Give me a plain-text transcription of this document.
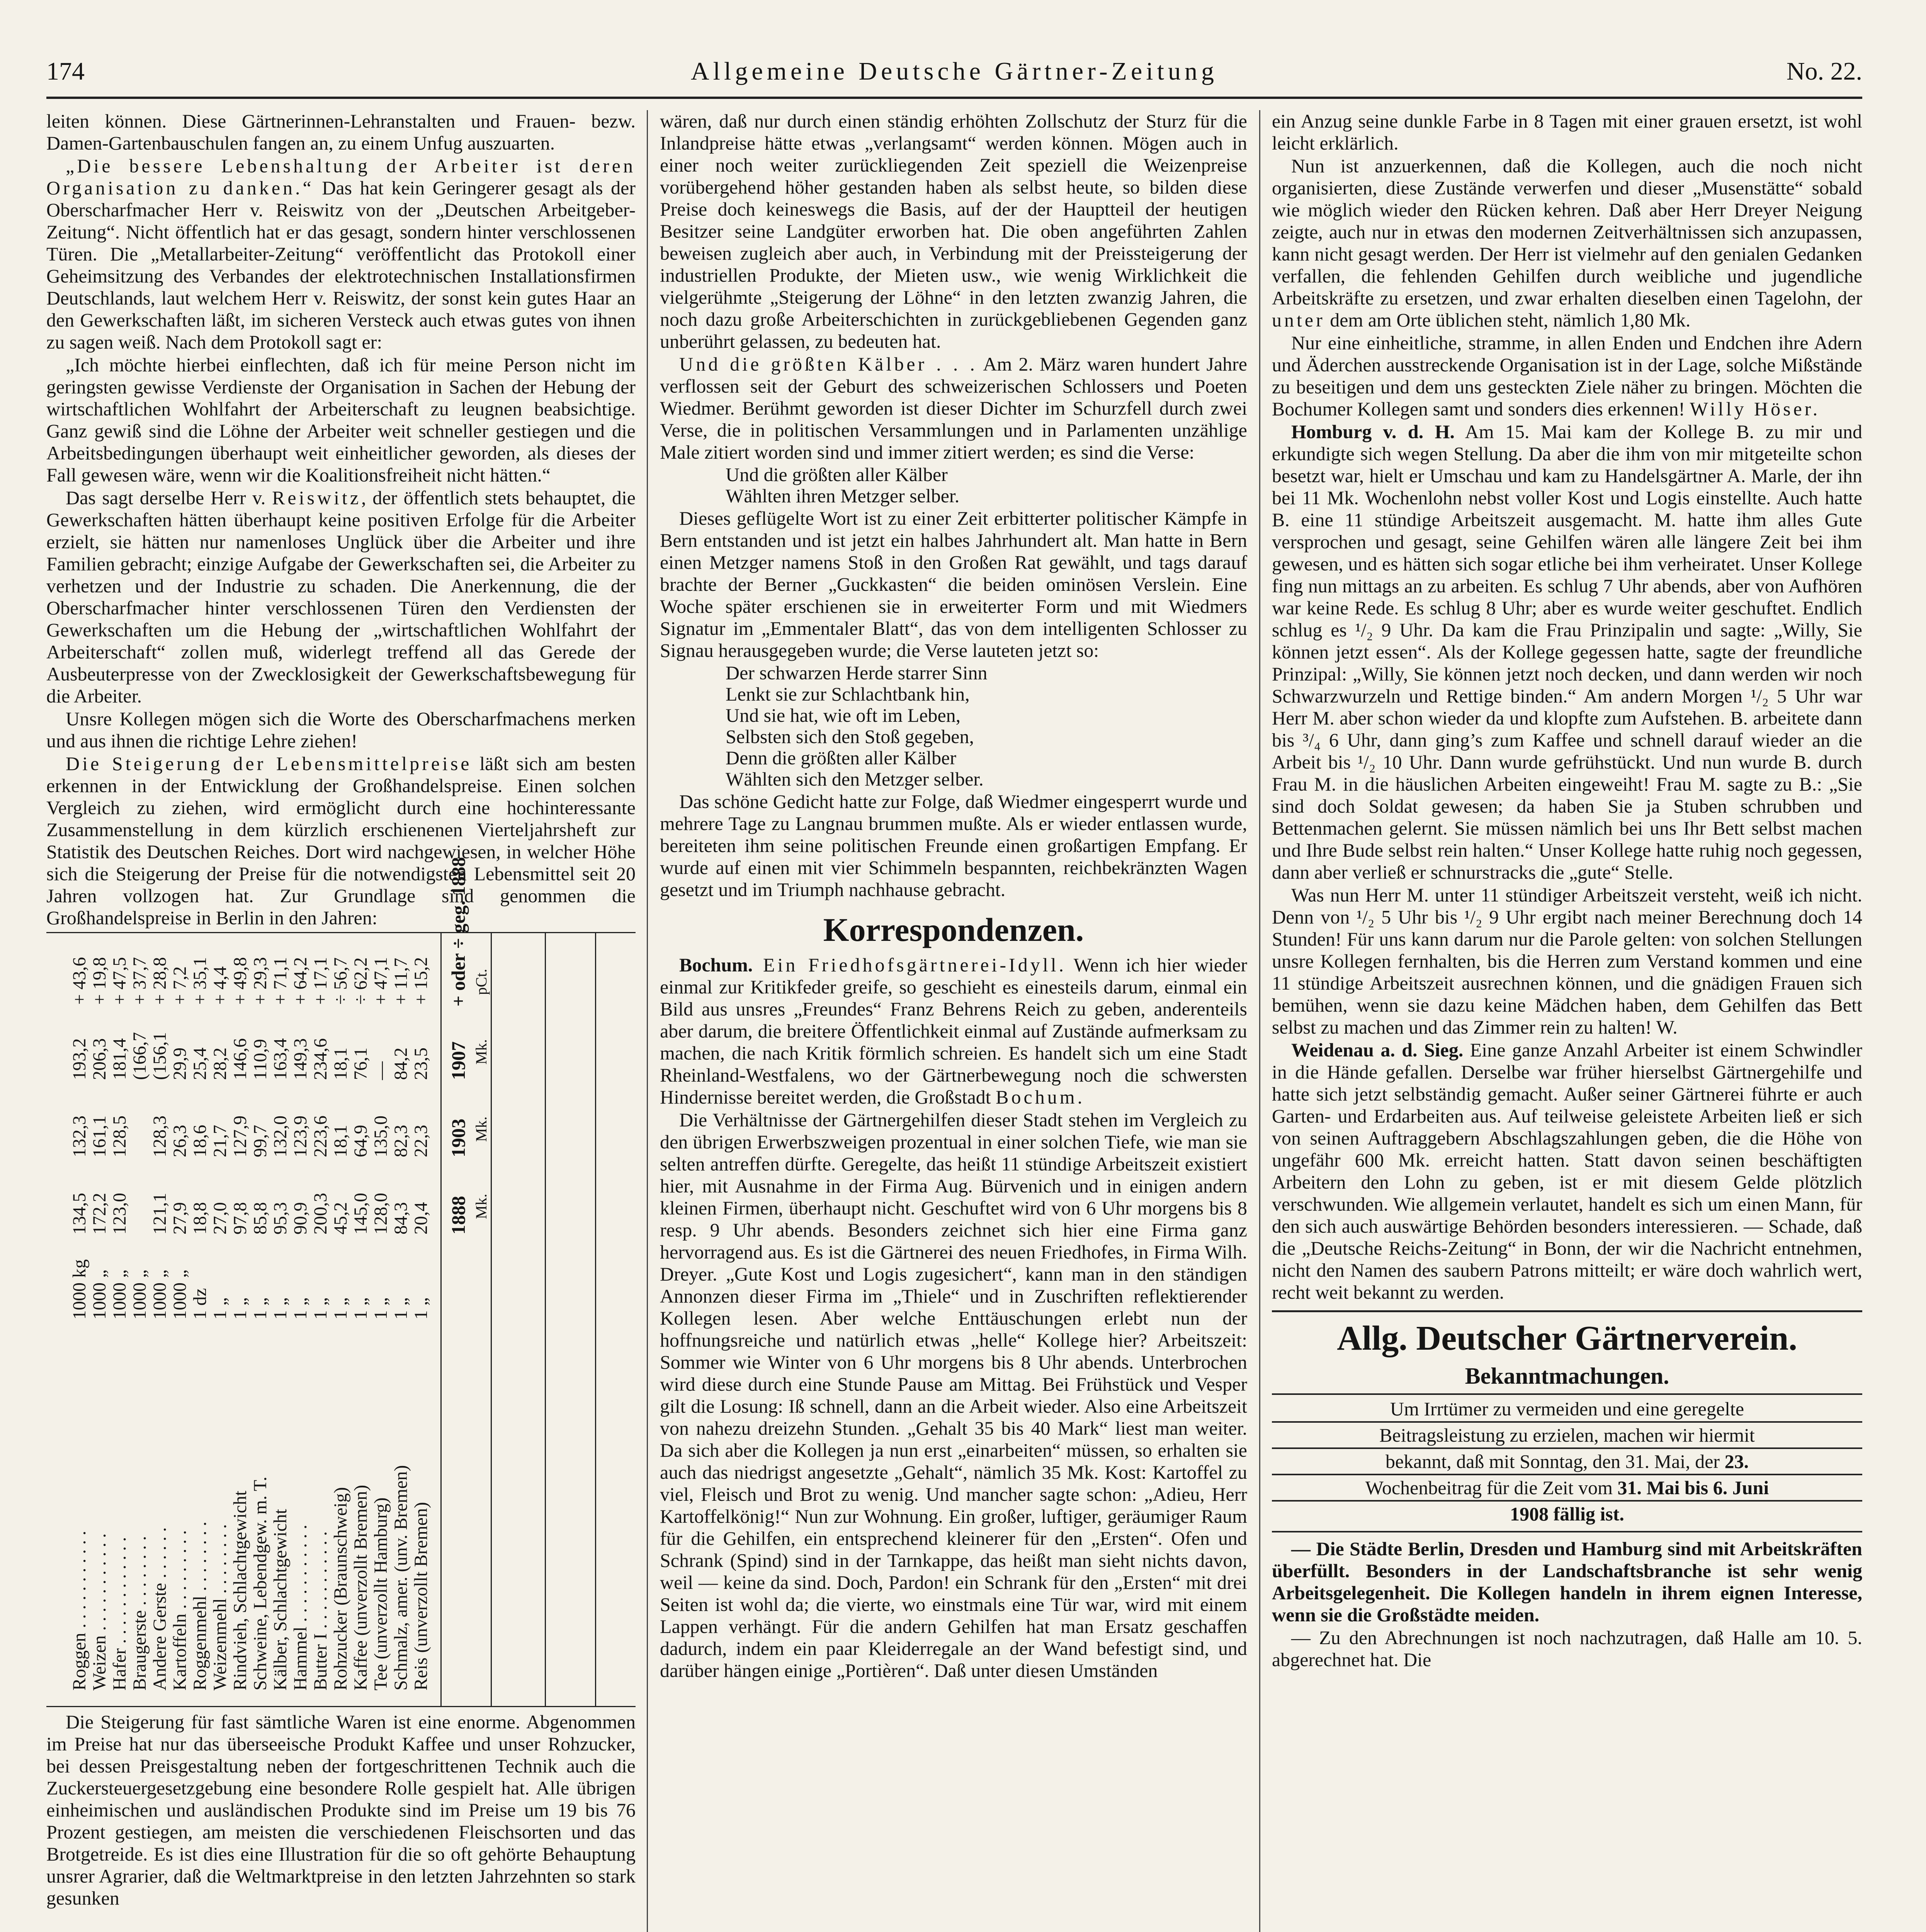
174	Allgemeine Deutsche Gärtner-Zeitung	No. 22.

leiten können. Diese Gärtnerinnen-Lehranstalten und Frauen- bezw. Damen-Gartenbauschulen fangen an, zu einem Unfug auszuarten.

„Die bessere Lebenshaltung der Arbeiter ist deren Organisation zu danken.“ Das hat kein Geringerer gesagt als der Oberscharfmacher Herr v. Reiswitz von der „Deutschen Arbeitgeber-Zeitung“. Nicht öffentlich hat er das gesagt, sondern hinter verschlossenen Türen. Die „Metallarbeiter-Zeitung“ veröffentlicht das Protokoll einer Geheimsitzung des Verbandes der elektrotechnischen Installationsfirmen Deutschlands, laut welchem Herr v. Reiswitz, der sonst kein gutes Haar an den Gewerkschaften läßt, im sicheren Versteck auch etwas gutes von ihnen zu sagen weiß. Nach dem Protokoll sagt er:

„Ich möchte hierbei einflechten, daß ich für meine Person nicht im geringsten gewisse Verdienste der Organisation in Sachen der Hebung der wirtschaftlichen Wohlfahrt der Arbeiterschaft zu leugnen beabsichtige. Ganz gewiß sind die Löhne der Arbeiter weit schneller gestiegen und die Arbeitsbedingungen überhaupt weit einheitlicher geworden, als dieses der Fall gewesen wäre, wenn wir die Koalitionsfreiheit nicht hätten.“

Das sagt derselbe Herr v. Reiswitz, der öffentlich stets behauptet, die Gewerkschaften hätten überhaupt keine positiven Erfolge für die Arbeiter erzielt, sie hätten nur namenloses Unglück über die Arbeiter und ihre Familien gebracht; einzige Aufgabe der Gewerkschaften sei, die Arbeiter zu verhetzen und der Industrie zu schaden. Die Anerkennung, die der Oberscharfmacher hinter verschlossenen Türen den Verdiensten der Gewerkschaften um die Hebung der „wirtschaftlichen Wohlfahrt der Arbeiterschaft“ zollen muß, widerlegt treffend all das Gerede der Ausbeuterpresse von der Zwecklosigkeit der Gewerkschaftsbewegung für die Arbeiter.

Unsre Kollegen mögen sich die Worte des Oberscharfmachens merken und aus ihnen die richtige Lehre ziehen!

Die Steigerung der Lebensmittelpreise läßt sich am besten erkennen in der Entwicklung der Großhandelspreise. Einen solchen Vergleich zu ziehen, wird ermöglicht durch eine hochinteressante Zusammenstellung in dem kürzlich erschienenen Vierteljahrsheft zur Statistik des Deutschen Reiches. Dort wird nachgewiesen, in welcher Höhe sich die Steigerung der Preise für die notwendigsten Lebensmittel seit 20 Jahren vollzogen hat. Zur Grundlage sind genommen die Großhandelspreise in Berlin in den Jahren:

Roggen . . . . . . . . . . .
1000 kg
134,5
132,3
193,2
+ 43,6
Weizen . . . . . . . . . . .
1000 „
172,2
161,1
206,3
+ 19,8
Hafer . . . . . . . . . . . .
1000 „
123,0
128,5
181,4
+ 47,5
Braugerste . . . . . . . .
1000 „
(166,7
+ 37,7
Andere Gerste . . . . . .
1000 „
121,1
128,3
(156,1
+ 28,8
Kartoffeln . . . . . . . . .
1000 „
27,9
26,3
29,9
+ 7,2
Roggenmehl . . . . . . . .
1 dz
18,8
18,6
25,4
+ 35,1
Weizenmehl . . . . . . . .
1 „
27,0
21,7
28,2
+ 4,4
Rindvieh, Schlachtgewicht
1 „
97,8
127,9
146,6
+ 49,8
Schweine, Lebendgew. m. T.
1 „
85,8
99,7
110,9
+ 29,3
Kälber, Schlachtgewicht
1 „
95,3
132,0
163,4
+ 71,1
Hammel . . . . . . . . . . .
1 „
90,9
123,9
149,3
+ 64,2
Butter I . . . . . . . . . . .
1 „
200,3
223,6
234,6
+ 17,1
Rohzucker (Braunschweig)
1 „
45,2
18,1
18,1
÷ 56,7
Kaffee (unverzollt Bremen)
1 „
145,0
64,9
76,1
÷ 62,2
Tee (unverzollt Hamburg)
1 „
128,0
135,0
—
+ 47,1
Schmalz, amer. (unv. Bremen)
1 „
84,3
82,3
84,2
+ 11,7
Reis (unverzollt Bremen)
1 „
20,4
22,3
23,5
+ 15,2
1888
1903
1907
+ oder ÷ geg. 1888
Mk.
Mk.
Mk.
pCt.

Die Steigerung für fast sämtliche Waren ist eine enorme. Abgenommen im Preise hat nur das überseeische Produkt Kaffee und unser Rohzucker, bei dessen Preisgestaltung neben der fortgeschrittenen Technik auch die Zuckersteuergesetzgebung eine besondere Rolle gespielt hat. Alle übrigen einheimischen und ausländischen Produkte sind im Preise um 19 bis 76 Prozent gestiegen, am meisten die verschiedenen Fleischsorten und das Brotgetreide. Es ist dies eine Illustration für die so oft gehörte Behauptung unsrer Agrarier, daß die Weltmarktpreise in den letzten Jahrzehnten so stark gesunken

wären, daß nur durch einen ständig erhöhten Zollschutz der Sturz für die Inlandpreise hätte etwas „verlangsamt“ werden können. Mögen auch in einer noch weiter zurückliegenden Zeit speziell die Weizenpreise vorübergehend höher gestanden haben als selbst heute, so bilden diese Preise doch keineswegs die Basis, auf der der Hauptteil der heutigen Besitzer seine Landgüter erworben hat. Die oben angeführten Zahlen beweisen zugleich aber auch, in Verbindung mit der Preissteigerung der industriellen Produkte, der Mieten usw., wie wenig Wirklichkeit die vielgerühmte „Steigerung der Löhne“ in den letzten zwanzig Jahren, die noch dazu große Arbeiterschichten in zurückgebliebenen Gegenden ganz unberührt gelassen, zu bedeuten hat.

Und die größten Kälber . . . Am 2. März waren hundert Jahre verflossen seit der Geburt des schweizerischen Schlossers und Poeten Wiedmer. Berühmt geworden ist dieser Dichter im Schurzfell durch zwei Verse, die in politischen Versammlungen und in Parlamenten unzählige Male zitiert worden sind und immer zitiert werden; es sind die Verse:

Und die größten aller Kälber
Wählten ihren Metzger selber.

Dieses geflügelte Wort ist zu einer Zeit erbitterter politischer Kämpfe in Bern entstanden und ist jetzt ein halbes Jahrhundert alt. Man hatte in Bern einen Metzger namens Stoß in den Großen Rat gewählt, und tags darauf brachte der Berner „Guckkasten“ die beiden ominösen Verslein. Eine Woche später erschienen sie in erweiterter Form und mit Wiedmers Signatur im „Emmentaler Blatt“, das von dem intelligenten Schlosser zu Signau herausgegeben wurde; die Verse lauteten jetzt so:

Der schwarzen Herde starrer Sinn
Lenkt sie zur Schlachtbank hin,
Und sie hat, wie oft im Leben,
Selbsten sich den Stoß gegeben,
Denn die größten aller Kälber
Wählten sich den Metzger selber.

Das schöne Gedicht hatte zur Folge, daß Wiedmer eingesperrt wurde und mehrere Tage zu Langnau brummen mußte. Als er wieder entlassen wurde, bereiteten ihm seine politischen Freunde einen großartigen Empfang. Er wurde auf einen mit vier Schimmeln bespannten, reichbekränzten Wagen gesetzt und im Triumph nachhause gebracht.

Korrespondenzen.

Bochum. Ein Friedhofsgärtnerei-Idyll. Wenn ich hier wieder einmal zur Kritikfeder greife, so geschieht es einesteils darum, einmal ein Bild aus unsres „Freundes“ Franz Behrens Reich zu geben, anderenteils aber darum, die breitere Öffentlichkeit einmal auf Zustände aufmerksam zu machen, die nach Kritik förmlich schreien. Es handelt sich um eine Stadt Rheinland-Westfalens, wo der Gärtnerbewegung noch die schwersten Hindernisse bereitet werden, die Großstadt Bochum.

Die Verhältnisse der Gärtnergehilfen dieser Stadt stehen im Vergleich zu den übrigen Erwerbszweigen prozentual in einer solchen Tiefe, wie man sie selten antreffen dürfte. Geregelte, das heißt 11 stündige Arbeitszeit existiert hier, mit Ausnahme in der Firma Aug. Bürvenich und in einigen andern kleinen Firmen, überhaupt nicht. Geschuftet wird von 6 Uhr morgens bis 8 resp. 9 Uhr abends. Besonders zeichnet sich hier eine Firma ganz hervorragend aus. Es ist die Gärtnerei des neuen Friedhofes, in Firma Wilh. Dreyer. „Gute Kost und Logis zugesichert“, kann man in den ständigen Annonzen dieser Firma im „Thiele“ und in Zuschriften reflektierender Kollegen lesen. Aber welche Enttäuschungen erlebt nun der hoffnungsreiche und natürlich etwas „helle“ Kollege hier? Arbeitszeit: Sommer wie Winter von 6 Uhr morgens bis 8 Uhr abends. Unterbrochen wird diese durch eine Stunde Pause am Mittag. Bei Frühstück und Vesper gilt die Losung: Iß schnell, dann an die Arbeit wieder. Also eine Arbeitszeit von nahezu dreizehn Stunden. „Gehalt 35 bis 40 Mark“ liest man weiter. Da sich aber die Kollegen ja nun erst „einarbeiten“ müssen, so erhalten sie auch das niedrigst angesetzte „Gehalt“, nämlich 35 Mk. Kost: Kartoffel zu viel, Fleisch und Brot zu wenig. Und mancher sagte schon: „Adieu, Herr Kartoffelkönig!“ Nun zur Wohnung. Ein großer, luftiger, geräumiger Raum für die Gehilfen, ein entsprechend kleinerer für den „Ersten“. Ofen und Schrank (Spind) sind in der Tarnkappe, das heißt man sieht nichts davon, weil — keine da sind. Doch, Pardon! ein Schrank für den „Ersten“ mit drei Seiten ist wohl da; die vierte, wo einstmals eine Tür war, wird mit einem Lappen verhängt. Für die andern Gehilfen hat man Ersatz geschaffen dadurch, indem ein paar Kleiderregale an der Wand befestigt sind, und darüber hängen einige „Portièren“. Daß unter diesen Umständen

ein Anzug seine dunkle Farbe in 8 Tagen mit einer grauen ersetzt, ist wohl leicht erklärlich.

Nun ist anzuerkennen, daß die Kollegen, auch die noch nicht organisierten, diese Zustände verwerfen und dieser „Musenstätte“ sobald wie möglich wieder den Rücken kehren. Daß aber Herr Dreyer Neigung zeigte, auch nur in etwas den modernen Zeitverhältnissen sich anzupassen, kann nicht gesagt werden. Der Herr ist vielmehr auf den genialen Gedanken verfallen, die fehlenden Gehilfen durch weibliche und jugendliche Arbeitskräfte zu ersetzen, und zwar erhalten dieselben einen Tagelohn, der unter dem am Orte üblichen steht, nämlich 1,80 Mk.

Nur eine einheitliche, stramme, in allen Enden und Endchen ihre Adern und Äderchen ausstreckende Organisation ist in der Lage, solche Mißstände zu beseitigen und dem uns gesteckten Ziele näher zu bringen. Möchten die Bochumer Kollegen samt und sonders dies erkennen! Willy Höser.

Homburg v. d. H. Am 15. Mai kam der Kollege B. zu mir und erkundigte sich wegen Stellung. Da aber die ihm von mir mitgeteilte schon besetzt war, hielt er Umschau und kam zu Handelsgärtner A. Marle, der ihn bei 11 Mk. Wochenlohn nebst voller Kost und Logis einstellte. Auch hatte B. eine 11 stündige Arbeitszeit ausgemacht. M. hatte ihm alles Gute versprochen und gesagt, seine Gehilfen wären alle längere Zeit bei ihm gewesen, und es hätten sich sogar etliche bei ihm verheiratet. Unser Kollege fing nun mittags an zu arbeiten. Es schlug 7 Uhr abends, aber von Aufhören war keine Rede. Es schlug 8 Uhr; aber es wurde weiter geschuftet. Endlich schlug es ¹/₂ 9 Uhr. Da kam die Frau Prinzipalin und sagte: „Willy, Sie können jetzt essen“. Als der Kollege gegessen hatte, sagte der freundliche Prinzipal: „Willy, Sie können jetzt noch decken, und dann werden wir noch Schwarzwurzeln und Rettige binden.“ Am andern Morgen ¹/₂ 5 Uhr war Herr M. aber schon wieder da und klopfte zum Aufstehen. B. arbeitete dann bis ³/₄ 6 Uhr, dann ging’s zum Kaffee und schnell darauf wieder an die Arbeit bis ¹/₂ 10 Uhr. Dann wurde gefrühstückt. Und nun wurde B. durch Frau M. in die häuslichen Arbeiten eingeweiht! Frau M. sagte zu B.: „Sie sind doch Soldat gewesen; da haben Sie ja Stuben schrubben und Bettenmachen gelernt. Sie müssen nämlich bei uns Ihr Bett selbst machen und Ihre Bude selbst rein halten.“ Unser Kollege hatte ruhig noch gegessen, dann aber verließ er schnurstracks die „gute“ Stelle.

Was nun Herr M. unter 11 stündiger Arbeitszeit versteht, weiß ich nicht. Denn von ¹/₂ 5 Uhr bis ¹/₂ 9 Uhr ergibt nach meiner Berechnung doch 14 Stunden! Für uns kann darum nur die Parole gelten: von solchen Stellungen unsre Kollegen fernhalten, bis die Herren zum Verstand kommen und eine 11 stündige Arbeitszeit ausrechnen können, und die gnädigen Frauen sich bemühen, wenn sie dazu keine Mädchen haben, dem Gehilfen das Bett selbst zu machen und das Zimmer rein zu halten! W.

Weidenau a. d. Sieg. Eine ganze Anzahl Arbeiter ist einem Schwindler in die Hände gefallen. Derselbe war früher hierselbst Gärtnergehilfe und hatte sich jetzt selbständig gemacht. Außer seiner Gärtnerei führte er auch Garten- und Erdarbeiten aus. Auf teilweise geleistete Arbeiten ließ er sich von seinen Auftraggebern Abschlagszahlungen geben, die die Höhe von ungefähr 600 Mk. erreicht hatten. Statt davon seinen beschäftigten Arbeitern den Lohn zu geben, ist er mit diesem Gelde plötzlich verschwunden. Wie allgemein verlautet, handelt es sich um einen Mann, für den sich auch auswärtige Behörden besonders interessieren. — Schade, daß die „Deutsche Reichs-Zeitung“ in Bonn, der wir die Nachricht entnehmen, nicht den Namen des saubern Patrons mitteilt; er wäre doch wahrlich wert, recht weit bekannt zu werden.

Allg. Deutscher Gärtnerverein.
Bekanntmachungen.
Um Irrtümer zu vermeiden und eine geregelte
Beitragsleistung zu erzielen, machen wir hiermit
bekannt, daß mit Sonntag, den 31. Mai, der 23.
Wochenbeitrag für die Zeit vom 31. Mai bis 6. Juni
1908 fällig ist.

— Die Städte Berlin, Dresden und Hamburg sind mit Arbeitskräften überfüllt. Besonders in der Landschaftsbranche ist sehr wenig Arbeitsgelegenheit. Die Kollegen handeln in ihrem eignen Interesse, wenn sie die Großstädte meiden.

— Zu den Abrechnungen ist noch nachzutragen, daß Halle am 10. 5. abgerechnet hat. Die
